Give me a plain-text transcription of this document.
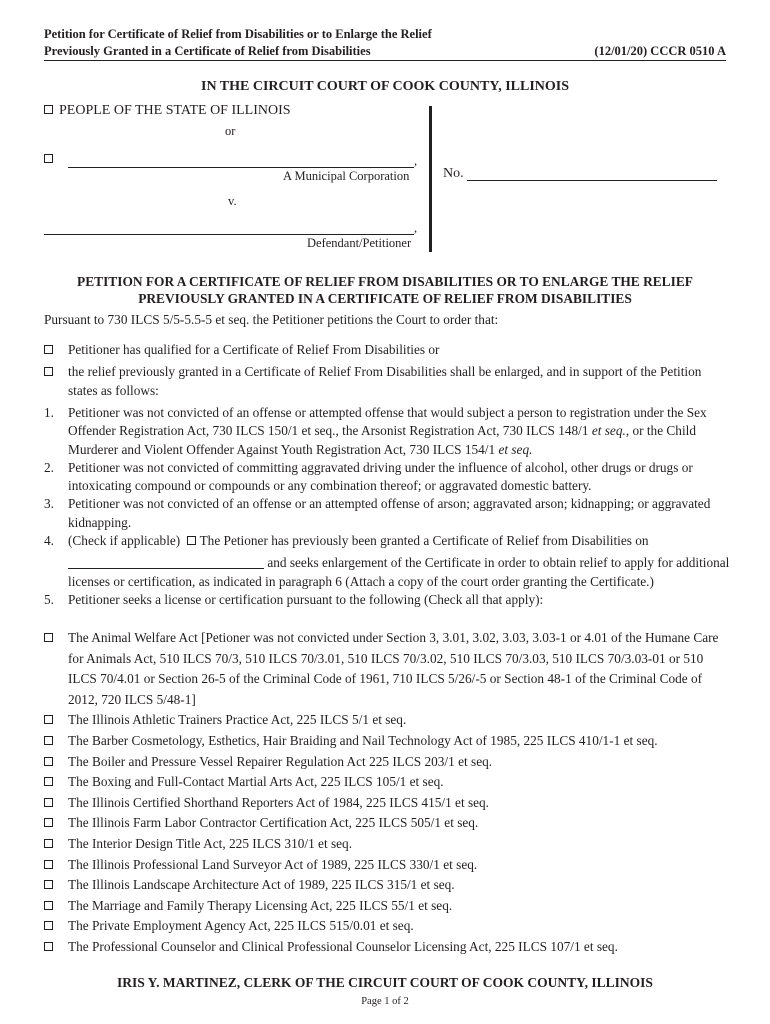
Petition for Certificate of Relief from Disabilities or to Enlarge the Relief
Previously Granted in a Certificate of Relief from Disabilities	(12/01/20) CCCR 0510 A
IN THE CIRCUIT COURT OF COOK COUNTY, ILLINOIS
PEOPLE OF THE STATE OF ILLINOIS
or
,
A Municipal Corporation No.
v.
,
Defendant/Petitioner
PETITION FOR A CERTIFICATE OF RELIEF FROM DISABILITIES OR TO ENLARGE THE RELIEF
PREVIOUSLY GRANTED IN A CERTIFICATE OF RELIEF FROM DISABILITIES
Pursuant to 730 ILCS 5/5-5.5-5 et seq. the Petitioner petitions the Court to order that:
Petitioner has qualified for a Certificate of Relief From Disabilities or
the relief previously granted in a Certificate of Relief From Disabilities shall be enlarged, and in support of the Petition states as follows:
1. Petitioner was not convicted of an offense or attempted offense that would subject a person to registration under the Sex Offender Registration Act, 730 ILCS 150/1 et seq., the Arsonist Registration Act, 730 ILCS 148/1 et seq., or the Child Murderer and Violent Offender Against Youth Registration Act, 730 ILCS 154/1 et seq.
2. Petitioner was not convicted of committing aggravated driving under the influence of alcohol, other drugs or drugs or intoxicating compound or compounds or any combination thereof; or aggravated domestic battery.
3. Petitioner was not convicted of an offense or an attempted offense of arson; aggravated arson; kidnapping; or aggravated kidnapping.
4. (Check if applicable) The Petioner has previously been granted a Certificate of Relief from Disabilities on
and seeks enlargement of the Certificate in order to obtain relief to apply for additional licenses or certification, as indicated in paragraph 6 (Attach a copy of the court order granting the Certificate.)
5. Petitioner seeks a license or certification pursuant to the following (Check all that apply):
The Animal Welfare Act [Petioner was not convicted under Section 3, 3.01, 3.02, 3.03, 3.03-1 or 4.01 of the Humane Care for Animals Act, 510 ILCS 70/3, 510 ILCS 70/3.01, 510 ILCS 70/3.02, 510 ILCS 70/3.03, 510 ILCS 70/3.03-01 or 510 ILCS 70/4.01 or Section 26-5 of the Criminal Code of 1961, 710 ILCS 5/26/-5 or Section 48-1 of the Criminal Code of 2012, 720 ILCS 5/48-1]
The Illinois Athletic Trainers Practice Act, 225 ILCS 5/1 et seq.
The Barber Cosmetology, Esthetics, Hair Braiding and Nail Technology Act of 1985, 225 ILCS 410/1-1 et seq.
The Boiler and Pressure Vessel Repairer Regulation Act 225 ILCS 203/1 et seq.
The Boxing and Full-Contact Martial Arts Act, 225 ILCS 105/1 et seq.
The Illinois Certified Shorthand Reporters Act of 1984, 225 ILCS 415/1 et seq.
The Illinois Farm Labor Contractor Certification Act, 225 ILCS 505/1 et seq.
The Interior Design Title Act, 225 ILCS 310/1 et seq.
The Illinois Professional Land Surveyor Act of 1989, 225 ILCS 330/1 et seq.
The Illinois Landscape Architecture Act of 1989, 225 ILCS 315/1 et seq.
The Marriage and Family Therapy Licensing Act, 225 ILCS 55/1 et seq.
The Private Employment Agency Act, 225 ILCS 515/0.01 et seq.
The Professional Counselor and Clinical Professional Counselor Licensing Act, 225 ILCS 107/1 et seq.
IRIS Y. MARTINEZ, CLERK OF THE CIRCUIT COURT OF COOK COUNTY, ILLINOIS
Page 1 of 2
